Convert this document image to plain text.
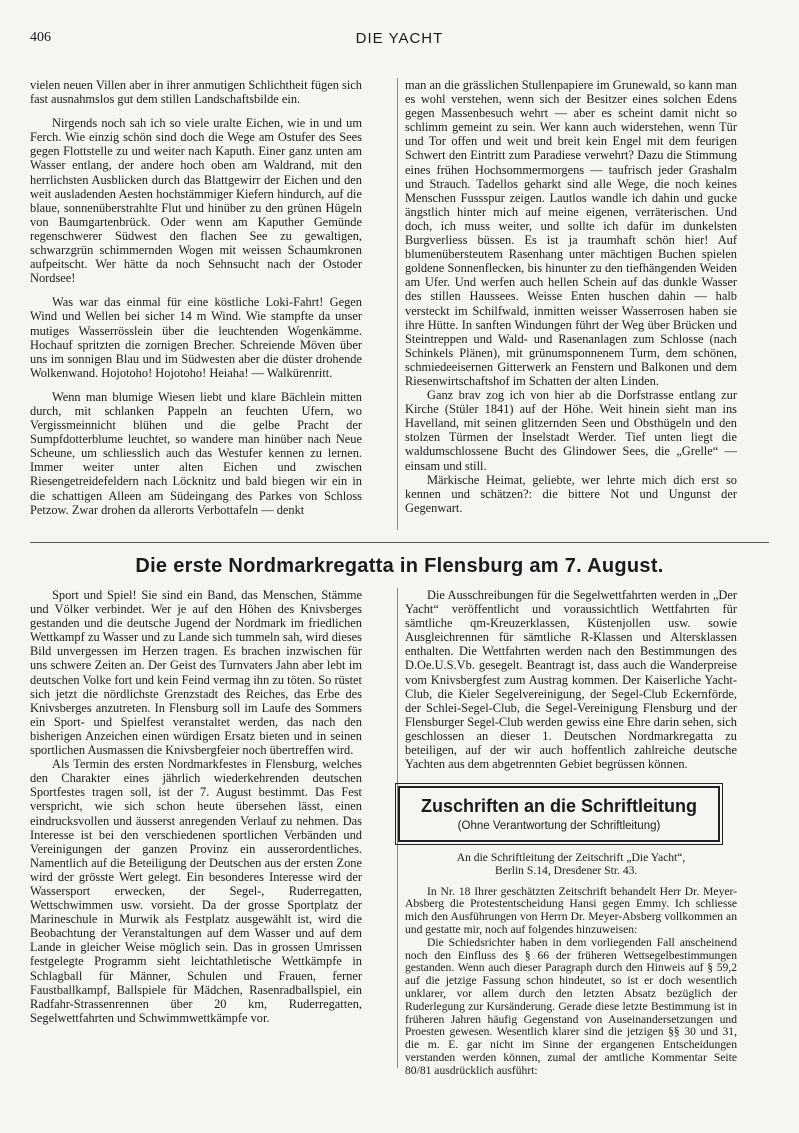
406	DIE YACHT

vielen neuen Villen aber in ihrer anmutigen Schlichtheit fügen sich fast ausnahmslos gut dem stillen Landschaftsbilde ein.

Nirgends noch sah ich so viele uralte Eichen, wie in und um Ferch. Wie einzig schön sind doch die Wege am Ostufer des Sees gegen Flottstelle zu und weiter nach Kaputh. Einer ganz unten am Wasser entlang, der andere hoch oben am Waldrand, mit den herrlichsten Ausblicken durch das Blattgewirr der Eichen und den weit ausladenden Aesten hochstämmiger Kiefern hindurch, auf die blaue, sonnenüberstrahlte Flut und hinüber zu den grünen Hügeln von Baumgartenbrück. Oder wenn am Kaputher Gemünde regenschwerer Südwest den flachen See zu gewaltigen, schwarzgrün schimmernden Wogen mit weissen Schaumkronen aufpeitscht. Wer hätte da noch Sehnsucht nach der Ostoder Nordsee!

Was war das einmal für eine köstliche Loki-Fahrt! Gegen Wind und Wellen bei sicher 14 m Wind. Wie stampfte da unser mutiges Wasserrösslein über die leuchtenden Wogenkämme. Hochauf spritzten die zornigen Brecher. Schreiende Möven über uns im sonnigen Blau und im Südwesten aber die düster drohende Wolkenwand. Hojotoho! Hojotoho! Heiaha! — Walkürenritt.

Wenn man blumige Wiesen liebt und klare Bächlein mitten durch, mit schlanken Pappeln an feuchten Ufern, wo Vergissmeinnicht blühen und die gelbe Pracht der Sumpfdotterblume leuchtet, so wandere man hinüber nach Neue Scheune, um schliesslich auch das Westufer kennen zu lernen. Immer weiter unter alten Eichen und zwischen Riesengetreidefeldern nach Löcknitz und bald biegen wir ein in die schattigen Alleen am Südeingang des Parkes von Schloss Petzow. Zwar drohen da allerorts Verbottafeln — denkt

man an die grässlichen Stullenpapiere im Grunewald, so kann man es wohl verstehen, wenn sich der Besitzer eines solchen Edens gegen Massenbesuch wehrt — aber es scheint damit nicht so schlimm gemeint zu sein. Wer kann auch widerstehen, wenn Tür und Tor offen und weit und breit kein Engel mit dem feurigen Schwert den Eintritt zum Paradiese verwehrt? Dazu die Stimmung eines frühen Hochsommermorgens — taufrisch jeder Grashalm und Strauch. Tadellos geharkt sind alle Wege, die noch keines Menschen Fussspur zeigen. Lautlos wandle ich dahin und gucke ängstlich hinter mich auf meine eigenen, verräterischen. Und doch, ich muss weiter, und sollte ich dafür im dunkelsten Burgverliess büssen. Es ist ja traumhaft schön hier! Auf blumenübersteutem Rasenhang unter mächtigen Buchen spielen goldene Sonnenflecken, bis hinunter zu den tiefhängenden Weiden am Ufer. Und werfen auch hellen Schein auf das dunkle Wasser des stillen Haussees. Weisse Enten huschen dahin — halb versteckt im Schilfwald, inmitten weisser Wasserrosen haben sie ihre Hütte. In sanften Windungen führt der Weg über Brücken und Steintreppen und Wald- und Rasenanlagen zum Schlosse (nach Schinkels Plänen), mit grünumsponnenem Turm, dem schönen, schmiedeeisernen Gitterwerk an Fenstern und Balkonen und dem Riesenwirtschaftshof im Schatten der alten Linden.

Ganz brav zog ich von hier ab die Dorfstrasse entlang zur Kirche (Stüler 1841) auf der Höhe. Weit hinein sieht man ins Havelland, mit seinen glitzernden Seen und Obsthügeln und den stolzen Türmen der Inselstadt Werder. Tief unten liegt die waldumschlossene Bucht des Glindower Sees, die „Grelle“ — einsam und still.

Märkische Heimat, geliebte, wer lehrte mich dich erst so kennen und schätzen?: die bittere Not und Ungunst der Gegenwart.

Die erste Nordmarkregatta in Flensburg am 7. August.

Sport und Spiel! Sie sind ein Band, das Menschen, Stämme und Völker verbindet. Wer je auf den Höhen des Knivsberges gestanden und die deutsche Jugend der Nordmark im friedlichen Wettkampf zu Wasser und zu Lande sich tummeln sah, wird dieses Bild unvergessen im Herzen tragen. Es brachen inzwischen für uns schwere Zeiten an. Der Geist des Turnvaters Jahn aber lebt im deutschen Volke fort und kein Feind vermag ihn zu töten. So rüstet sich jetzt die nördlichste Grenzstadt des Reiches, das Erbe des Knivsberges anzutreten. In Flensburg soll im Laufe des Sommers ein Sport- und Spielfest veranstaltet werden, das nach den bisherigen Anzeichen einen würdigen Ersatz bieten und in seinen sportlichen Ausmassen die Knivsbergfeier noch übertreffen wird.

Als Termin des ersten Nordmarkfestes in Flensburg, welches den Charakter eines jährlich wiederkehrenden deutschen Sportfestes tragen soll, ist der 7. August bestimmt. Das Fest verspricht, wie sich schon heute übersehen lässt, einen eindrucksvollen und äusserst anregenden Verlauf zu nehmen. Das Interesse ist bei den verschiedenen sportlichen Verbänden und Vereinigungen der ganzen Provinz ein ausserordentliches. Namentlich auf die Beteiligung der Deutschen aus der ersten Zone wird der grösste Wert gelegt. Ein besonderes Interesse wird der Wassersport erwecken, der Segel-, Ruderregatten, Wettschwimmen usw. vorsieht. Da der grosse Sportplatz der Marineschule in Murwik als Festplatz ausgewählt ist, wird die Beobachtung der Veranstaltungen auf dem Wasser und auf dem Lande in gleicher Weise möglich sein. Das in grossen Umrissen festgelegte Programm sieht leichtathletische Wettkämpfe in Schlagball für Männer, Schulen und Frauen, ferner Faustballkampf, Ballspiele für Mädchen, Rasenradballspiel, ein Radfahr-Strassenrennen über 20 km, Ruderregatten, Segelwettfahrten und Schwimmwettkämpfe vor.

Die Ausschreibungen für die Segelwettfahrten werden in „Der Yacht“ veröffentlicht und voraussichtlich Wettfahrten für sämtliche qm-Kreuzerklassen, Küstenjollen usw. sowie Ausgleichrennen für sämtliche R-Klassen und Altersklassen enthalten. Die Wettfahrten werden nach den Bestimmungen des D.Oe.U.S.Vb. gesegelt. Beantragt ist, dass auch die Wanderpreise vom Knivsbergfest zum Austrag kommen. Der Kaiserliche Yacht-Club, die Kieler Segelvereinigung, der Segel-Club Eckernförde, der Schlei-Segel-Club, die Segel-Vereinigung Flensburg und der Flensburger Segel-Club werden gewiss eine Ehre darin sehen, sich geschlossen an dieser 1. Deutschen Nordmarkregatta zu beteiligen, auf der wir auch hoffentlich zahlreiche deutsche Yachten aus dem abgetrennten Gebiet begrüssen können.

Zuschriften an die Schriftleitung
(Ohne Verantwortung der Schriftleitung)
An die Schriftleitung der Zeitschrift „Die Yacht“,
Berlin S.14, Dresdener Str. 43.

In Nr. 18 Ihrer geschätzten Zeitschrift behandelt Herr Dr. Meyer-Absberg die Protestentscheidung Hansi gegen Emmy. Ich schliesse mich den Ausführungen von Herrn Dr. Meyer-Absberg vollkommen an und gestatte mir, noch auf folgendes hinzuweisen:

Die Schiedsrichter haben in dem vorliegenden Fall anscheinend noch den Einfluss des § 66 der früheren Wettsegelbestimmungen gestanden. Wenn auch dieser Paragraph durch den Hinweis auf § 59,2 auf die jetzige Fassung schon hindeutet, so ist er doch wesentlich unklarer, vor allem durch den letzten Absatz bezüglich der Ruderlegung zur Kursänderung. Gerade diese letzte Bestimmung ist in früheren Jahren häufig Gegenstand von Auseinandersetzungen und Proesten gewesen. Wesentlich klarer sind die jetzigen §§ 30 und 31, die m. E. gar nicht im Sinne der ergangenen Entscheidungen verstanden werden können, zumal der amtliche Kommentar Seite 80/81 ausdrücklich ausführt:
